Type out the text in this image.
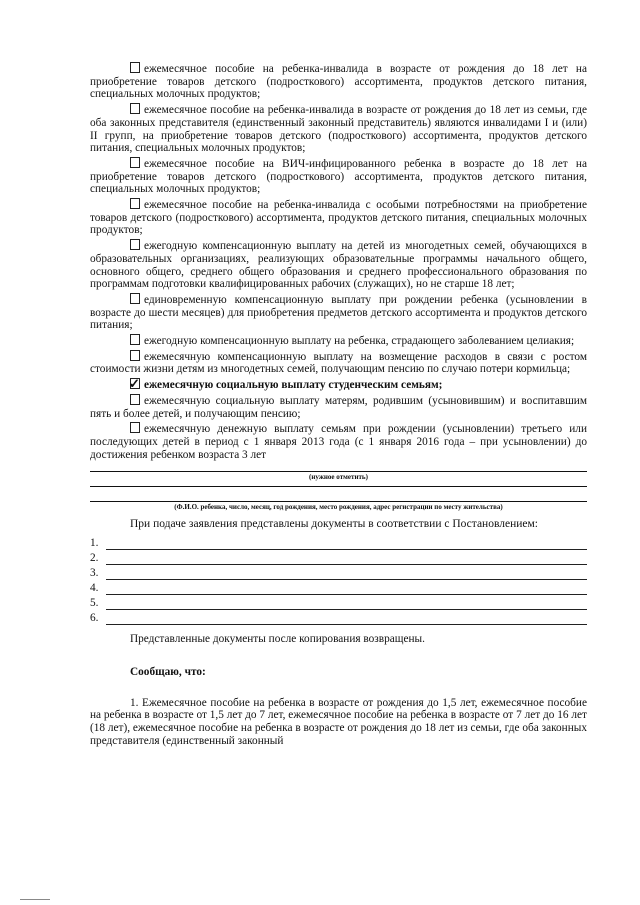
ежемесячное пособие на ребенка-инвалида в возрасте от рождения до 18 лет на приобретение товаров детского (подросткового) ассортимента, продуктов детского питания, специальных молочных продуктов;

ежемесячное пособие на ребенка-инвалида в возрасте от рождения до 18 лет из семьи, где оба законных представителя (единственный законный представитель) являются инвалидами I и (или) II групп, на приобретение товаров детского (подросткового) ассортимента, продуктов детского питания, специальных молочных продуктов;

ежемесячное пособие на ВИЧ-инфицированного ребенка в возрасте до 18 лет на приобретение товаров детского (подросткового) ассортимента, продуктов детского питания, специальных молочных продуктов;

ежемесячное пособие на ребенка-инвалида с особыми потребностями на приобретение товаров детского (подросткового) ассортимента, продуктов детского питания, специальных молочных продуктов;

ежегодную компенсационную выплату на детей из многодетных семей, обучающихся в образовательных организациях, реализующих образовательные программы начального общего, основного общего, среднего общего образования и среднего профессионального образования по программам подготовки квалифицированных рабочих (служащих), но не старше 18 лет;

единовременную компенсационную выплату при рождении ребенка (усыновлении в возрасте до шести месяцев) для приобретения предметов детского ассортимента и продуктов детского питания;

ежегодную компенсационную выплату на ребенка, страдающего заболеванием целиакия;

ежемесячную компенсационную выплату на возмещение расходов в связи с ростом стоимости жизни детям из многодетных семей, получающим пенсию по случаю потери кормильца;

✓ ежемесячную социальную выплату студенческим семьям;

ежемесячную социальную выплату матерям, родившим (усыновившим) и воспитавшим пять и более детей, и получающим пенсию;

ежемесячную денежную выплату семьям при рождении (усыновлении) третьего или последующих детей в период с 1 января 2013 года (с 1 января 2016 года – при усыновлении) до достижения ребенком возраста 3 лет

(нужное отметить)
(Ф.И.О. ребенка, число, месяц, год рождения, место рождения, адрес регистрации по месту жительства)
При подаче заявления представлены документы в соответствии с Постановлением:
1.
2.
3.
4.
5.
6.
Представленные документы после копирования возвращены.
Сообщаю, что:

1. Ежемесячное пособие на ребенка в возрасте от рождения до 1,5 лет, ежемесячное пособие на ребенка в возрасте от 1,5 лет до 7 лет, ежемесячное пособие на ребенка в возрасте от 7 лет до 16 лет (18 лет), ежемесячное пособие на ребенка в возрасте от рождения до 18 лет из семьи, где оба законных представителя (единственный законный
